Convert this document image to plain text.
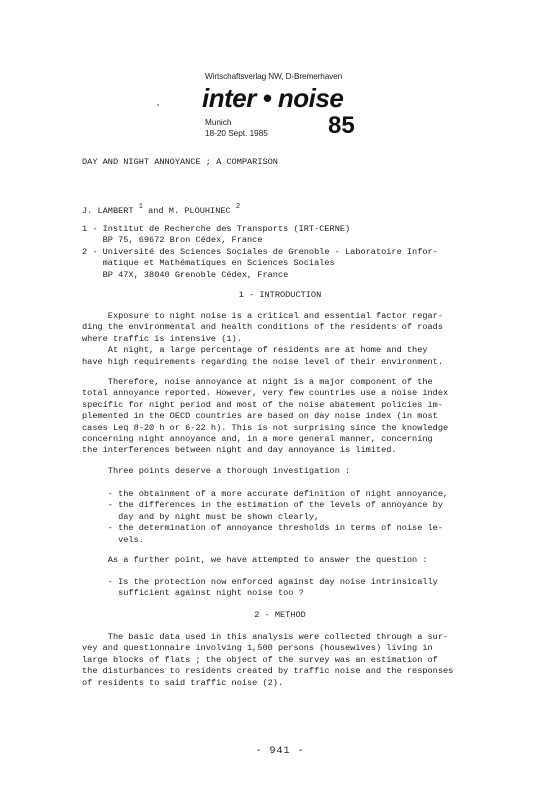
Wirtschaftsverlag NW, D-Bremerhaven
inter • noise
Munich
18-20 Sept. 1985	85
DAY AND NIGHT ANNOYANCE ; A COMPARISON
J. LAMBERT $^1$ and M. PLOUHINEC $^2$
1 - Institut de Recherche des Transports (IRT-CERNE)
BP 75, 69672 Bron Cédex, France
2 - Université des Sciences Sociales de Grenoble - Laboratoire Infor-
matique et Mathématiques en Sciences Sociales
BP 47X, 38040 Grenoble Cédex, France
1 - INTRODUCTION
Exposure to night noise is a critical and essential factor regar-
ding the environmental and health conditions of the residents of roads
where traffic is intensive (1).
At night, a large percentage of residents are at home and they
have high requirements regarding the noise level of their environment.
Therefore, noise annoyance at night is a major component of the
total annoyance reported. However, very few countries use a noise index
specific for night period and most of the noise abatement policies im-
plemented in the OECD countries are based on day noise index (in most
cases Leq 8-20 h or 6-22 h). This is not surprising since the knowledge
concerning night annoyance and, in a more general manner, concerning
the interferences between night and day annoyance is limited.
Three points deserve a thorough investigation :
- the obtainment of a more accurate definition of night annoyance,
- the differences in the estimation of the levels of annoyance by
day and by night must be shown clearly,
- the determination of annoyance thresholds in terms of noise le-
vels.
As a further point, we have attempted to answer the question :
- Is the protection now enforced against day noise intrinsically
sufficient against night noise too ?
2 - METHOD
The basic data used in this analysis were collected through a sur-
vey and questionnaire involving 1,500 persons (housewives) living in
large blocks of flats ; the object of the survey was an estimation of
the disturbances to residents created by traffic noise and the responses
of residents to said traffic noise (2).
- 941 -
